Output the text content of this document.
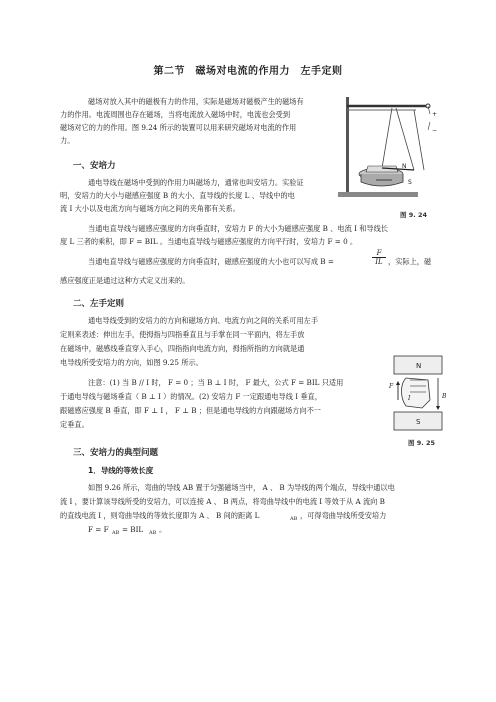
第二节　磁场对电流的作用力　左手定则
磁场对放入其中的磁极有力的作用，实际是磁场对磁极产生的磁场有
力的作用。电流周围也存在磁场，当将电流放入磁场中时，电流也会受到
磁场对它的力的作用。图 9.24 所示的装置可以用来研究磁场对电流的作用
力。
一、安培力
通电导线在磁场中受到的作用力叫磁场力，通常也叫安培力。实验证
明，安培力的大小与磁感应强度 B 的大小、直导线的长度 L 、导线中的电
流 I 大小以及电流方向与磁场方向之间的夹角都有关系。
当通电直导线与磁感应强度的方向垂直时，安培力 F 的大小为磁感应强度 B 、电流 I 和导线长
度 L 三者的乘积，即 F = BIL 。当通电直导线与磁感应强度的方向平行时，安培力 F = 0 。
当通电直导线与磁感应强度的方向垂直时，磁感应强度的大小也可以写成 B =	$\frac{F}{IL}$ ，实际上，磁
感应强度正是通过这种方式定义出来的。
N
S
+
−
图 9. 24
二、左手定则
通电导线受到的安培力的方向和磁场方向、电流方向之间的关系可用左手
定则来表述：伸出左手，使拇指与四指垂直且与手掌在同一平面内，将左手放
在磁场中，磁感线垂直穿入手心，四指指向电流方向，拇指所指的方向就是通
电导线所受安培力的方向，如图 9.25 所示。
注意：(1) 当 B // I 时， F = 0 ；当 B ⊥ I 时， F 最大，公式 F = BIL 只适用
于通电导线与磁场垂直（ B ⊥ I ）的情况。(2) 安培力 F 一定跟通电导线 I 垂直，
跟磁感应强度 B 垂直，即 F ⊥ I ， F ⊥ B ；但是通电导线的方向跟磁场方向不一
定垂直。
N
S
F
I	B
图 9. 25
三、安培力的典型问题
1．导线的等效长度
如图 9.26 所示，弯曲的导线 AB 置于匀强磁场当中， A 、 B 为导线的两个端点，导线中通以电
流 I ，要计算该导线所受的安培力，可以连接 A 、 B 两点，将弯曲导线中的电流 I 等效于从 A 流向 B
的直线电流 I ，则弯曲导线的等效长度即为 A 、 B 间的距离 L	AB ，可得弯曲导线所受安培力
F = F AB = BIL AB 。
